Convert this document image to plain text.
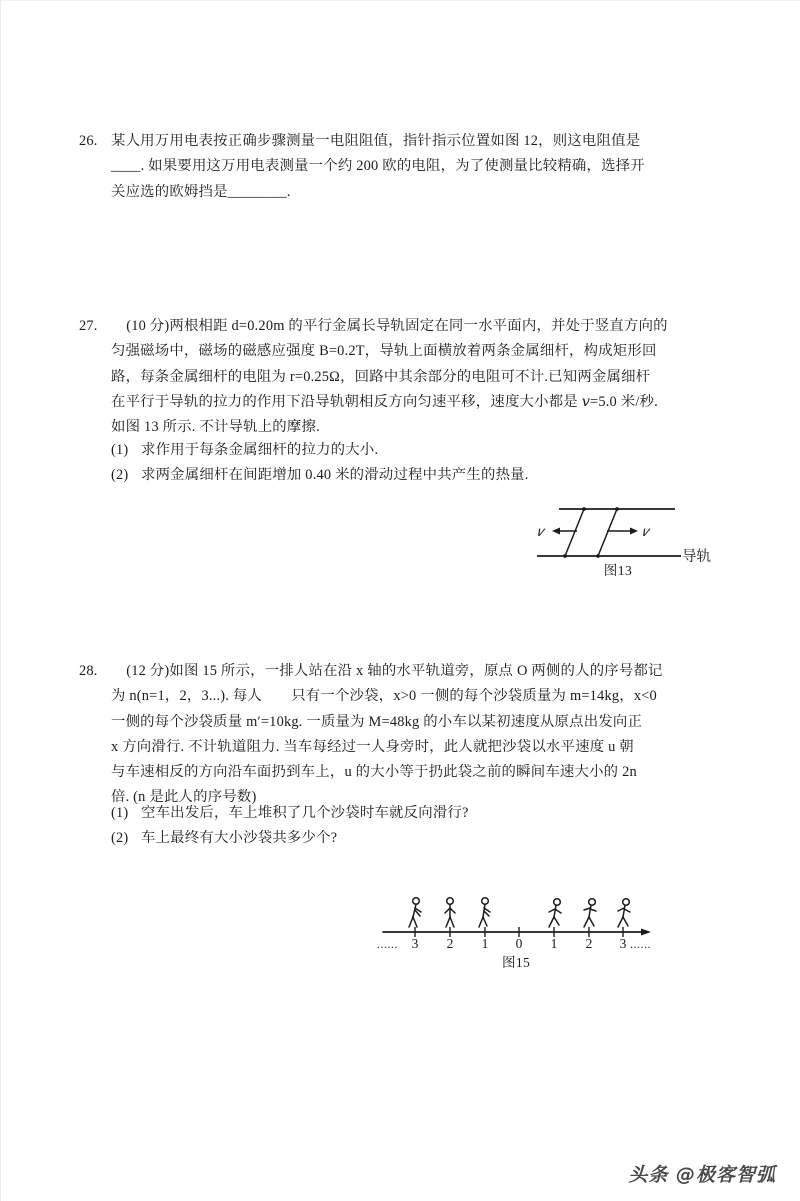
26. 某人用万用电表按正确步骤测量一电阻阻值，指针指示位置如图 12，则这电阻值是
____. 如果要用这万用电表测量一个约 200 欧的电阻，为了使测量比较精确，选择开
关应选的欧姆挡是________.
27. (10 分)两根相距 d=0.20m 的平行金属长导轨固定在同一水平面内，并处于竖直方向的
匀强磁场中，磁场的磁感应强度 B=0.2T，导轨上面横放着两条金属细杆，构成矩形回
路，每条金属细杆的电阻为 r=0.25Ω，回路中其余部分的电阻可不计.已知两金属细杆
在平行于导轨的拉力的作用下沿导轨朝相反方向匀速平移，速度大小都是 𝑣=5.0 米/秒.
如图 13 所示. 不计导轨上的摩擦.
(1) 求作用于每条金属细杆的拉力的大小.
(2) 求两金属细杆在间距增加 0.40 米的滑动过程中共产生的热量.
𝑣	𝑣
导轨
图13
28. (12 分)如图 15 所示，一排人站在沿 x 轴的水平轨道旁，原点 O 两侧的人的序号都记
为 n(n=1，2，3...). 每人　　只有一个沙袋，x>0 一侧的每个沙袋质量为 m=14kg，x<0
一侧的每个沙袋质量 m′=10kg. 一质量为 M=48kg 的小车以某初速度从原点出发向正
x 方向滑行. 不计轨道阻力. 当车每经过一人身旁时，此人就把沙袋以水平速度 u 朝
与车速相反的方向沿车面扔到车上，u 的大小等于扔此袋之前的瞬间车速大小的 2n
倍. (n 是此人的序号数)
(1) 空车出发后，车上堆积了几个沙袋时车就反向滑行?
(2) 车上最终有大小沙袋共多少个?
3 2 1 0 1 2 3
......	......
图15
头条 @极客智弧
